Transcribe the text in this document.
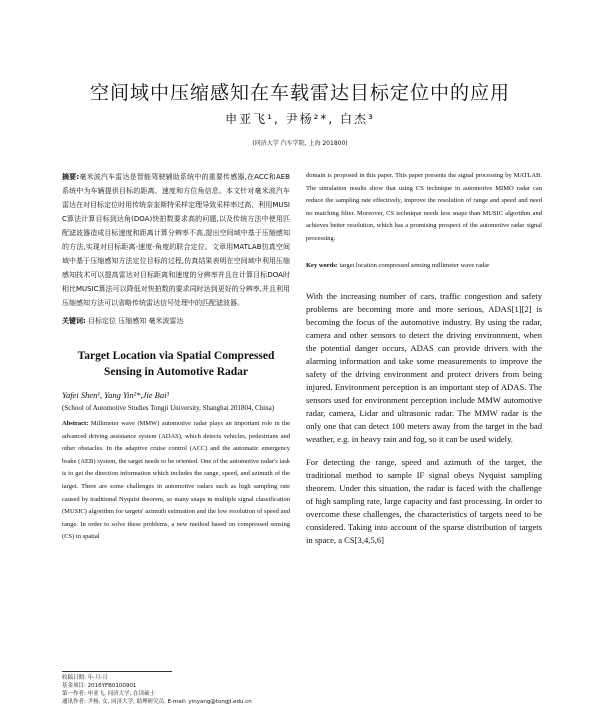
空间域中压缩感知在车载雷达目标定位中的应用
申亚飞¹, 尹杨²*, 白杰³
(同济大学 汽车学院, 上海 201800)

摘要:毫米波汽车雷达是智能驾驶辅助系统中的重要传感器,在ACC和AEB系统中为车辆提供目标的距离、速度和方位角信息。本文针对毫米波汽车雷达在对目标定位时用传统奈奎斯特采样定理导致采样率过高、利用MUSIC算法计算目标到达角(DOA)快拍数要求高的问题,以及传统方法中使用匹配滤波器造成目标速度和距离计算分辨率不高,提出空间域中基于压缩感知的方法,实现对目标距离-速度-角度的联合定位。文章用MATLAB仿真空间域中基于压缩感知方法定位目标的过程,仿真结果表明在空间域中利用压缩感知技术可以提高雷达对目标距离和速度的分辨率并且在计算目标DOA时相比MUSIC算法可以降低对快拍数的要求同时达到更好的分辨率,并且利用压缩感知方法可以省略传统雷达信号处理中的匹配滤波器。

关键词: 目标定位 压缩感知 毫米波雷达

Target Location via Spatial Compressed Sensing in Automotive Radar

Yafei Shen¹, Yang Yin²*,Jie Bai³

(School of Automotive Studies Tongji University, Shanghai 201804, China)

Abstract: Millimeter wave (MMW) automotive radar plays an important role in the advanced driving assistance system (ADAS), which detects vehicles, pedestrians and other obstacles. In the adaptive cruise control (ACC) and the automatic emergency brake (AEB) system, the target needs to be oriented. One of the automotive radar's task is to get the direction information which includes the range, speed, and azimuth of the target. There are some challenges in automotive radars such as high sampling rate caused by traditional Nyquist theorem, so many snaps in multiple signal classification (MUSIC) algorithm for targets' azimuth estimation and the low resolution of speed and range. In order to solve these problems, a new method based on compressed sensing (CS) in spatial

domain is proposed in this paper. This paper presents the signal processing by MATLAB. The simulation results show that using CS technique in automotive MIMO radar can reduce the sampling rate effectively, improve the resolution of range and speed and need no matching filter. Moreover, CS technique needs less snaps than MUSIC algorithm and achieves better resolution, which has a promising prospect of the automotive radar signal processing.

Key words: target location compressed sensing millimeter wave radar

With the increasing number of cars, traffic congestion and safety problems are becoming more and more serious, ADAS[1][2] is becoming the focus of the automotive industry. By using the radar, camera and other sensors to detect the driving environment, when the potential danger occurs, ADAS can provide drivers with the alarming information and take some measurements to improve the safety of the driving environment and protect drivers from being injured. Environment perception is an important step of ADAS. The sensors used for environment perception include MMW automotive radar, camera, Lidar and ultrasonic radar. The MMW radar is the only one that can detect 100 meters away from the target in the bad weather, e.g. in heavy rain and fog, so it can be used widely.

For detecting the range, speed and azimuth of the target, the traditional method to sample IF signal obeys Nyquist sampling theorem. Under this situation, the radar is faced with the challenge of high sampling rate, large capacity and fast processing. In order to overcome these challenges, the characteristics of targets need to be considered. Taking into account of the sparse distribution of targets in space, a CS[3,4,5,6]

收稿日期: 年-月-日

基金项目: 2016YFB0100901

第一作者: 申亚飞, 同济大学, 在读硕士

通讯作者: 尹杨, 女, 同济大学, 助理研究员. E-mail: yinyang@tongji.edu.cn
